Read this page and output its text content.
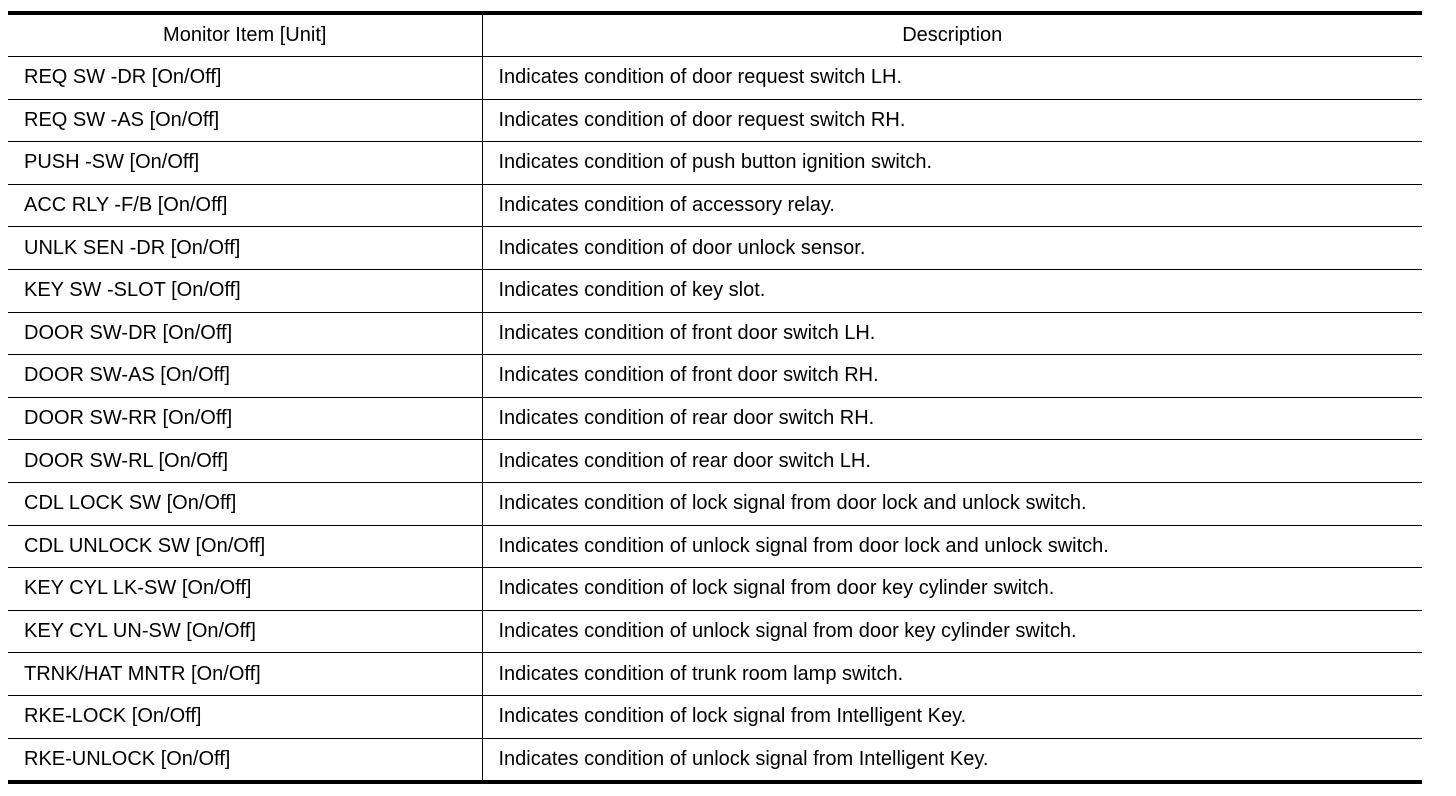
Monitor Item [Unit]	Description
REQ SW -DR [On/Off]	Indicates condition of door request switch LH.
REQ SW -AS [On/Off]	Indicates condition of door request switch RH.
PUSH -SW [On/Off]	Indicates condition of push button ignition switch.
ACC RLY -F/B [On/Off]	Indicates condition of accessory relay.
UNLK SEN -DR [On/Off]	Indicates condition of door unlock sensor.
KEY SW -SLOT [On/Off]	Indicates condition of key slot.
DOOR SW-DR [On/Off]	Indicates condition of front door switch LH.
DOOR SW-AS [On/Off]	Indicates condition of front door switch RH.
DOOR SW-RR [On/Off]	Indicates condition of rear door switch RH.
DOOR SW-RL [On/Off]	Indicates condition of rear door switch LH.
CDL LOCK SW [On/Off]	Indicates condition of lock signal from door lock and unlock switch.
CDL UNLOCK SW [On/Off]	Indicates condition of unlock signal from door lock and unlock switch.
KEY CYL LK-SW [On/Off]	Indicates condition of lock signal from door key cylinder switch.
KEY CYL UN-SW [On/Off]	Indicates condition of unlock signal from door key cylinder switch.
TRNK/HAT MNTR [On/Off]	Indicates condition of trunk room lamp switch.
RKE-LOCK [On/Off]	Indicates condition of lock signal from Intelligent Key.
RKE-UNLOCK [On/Off]	Indicates condition of unlock signal from Intelligent Key.
